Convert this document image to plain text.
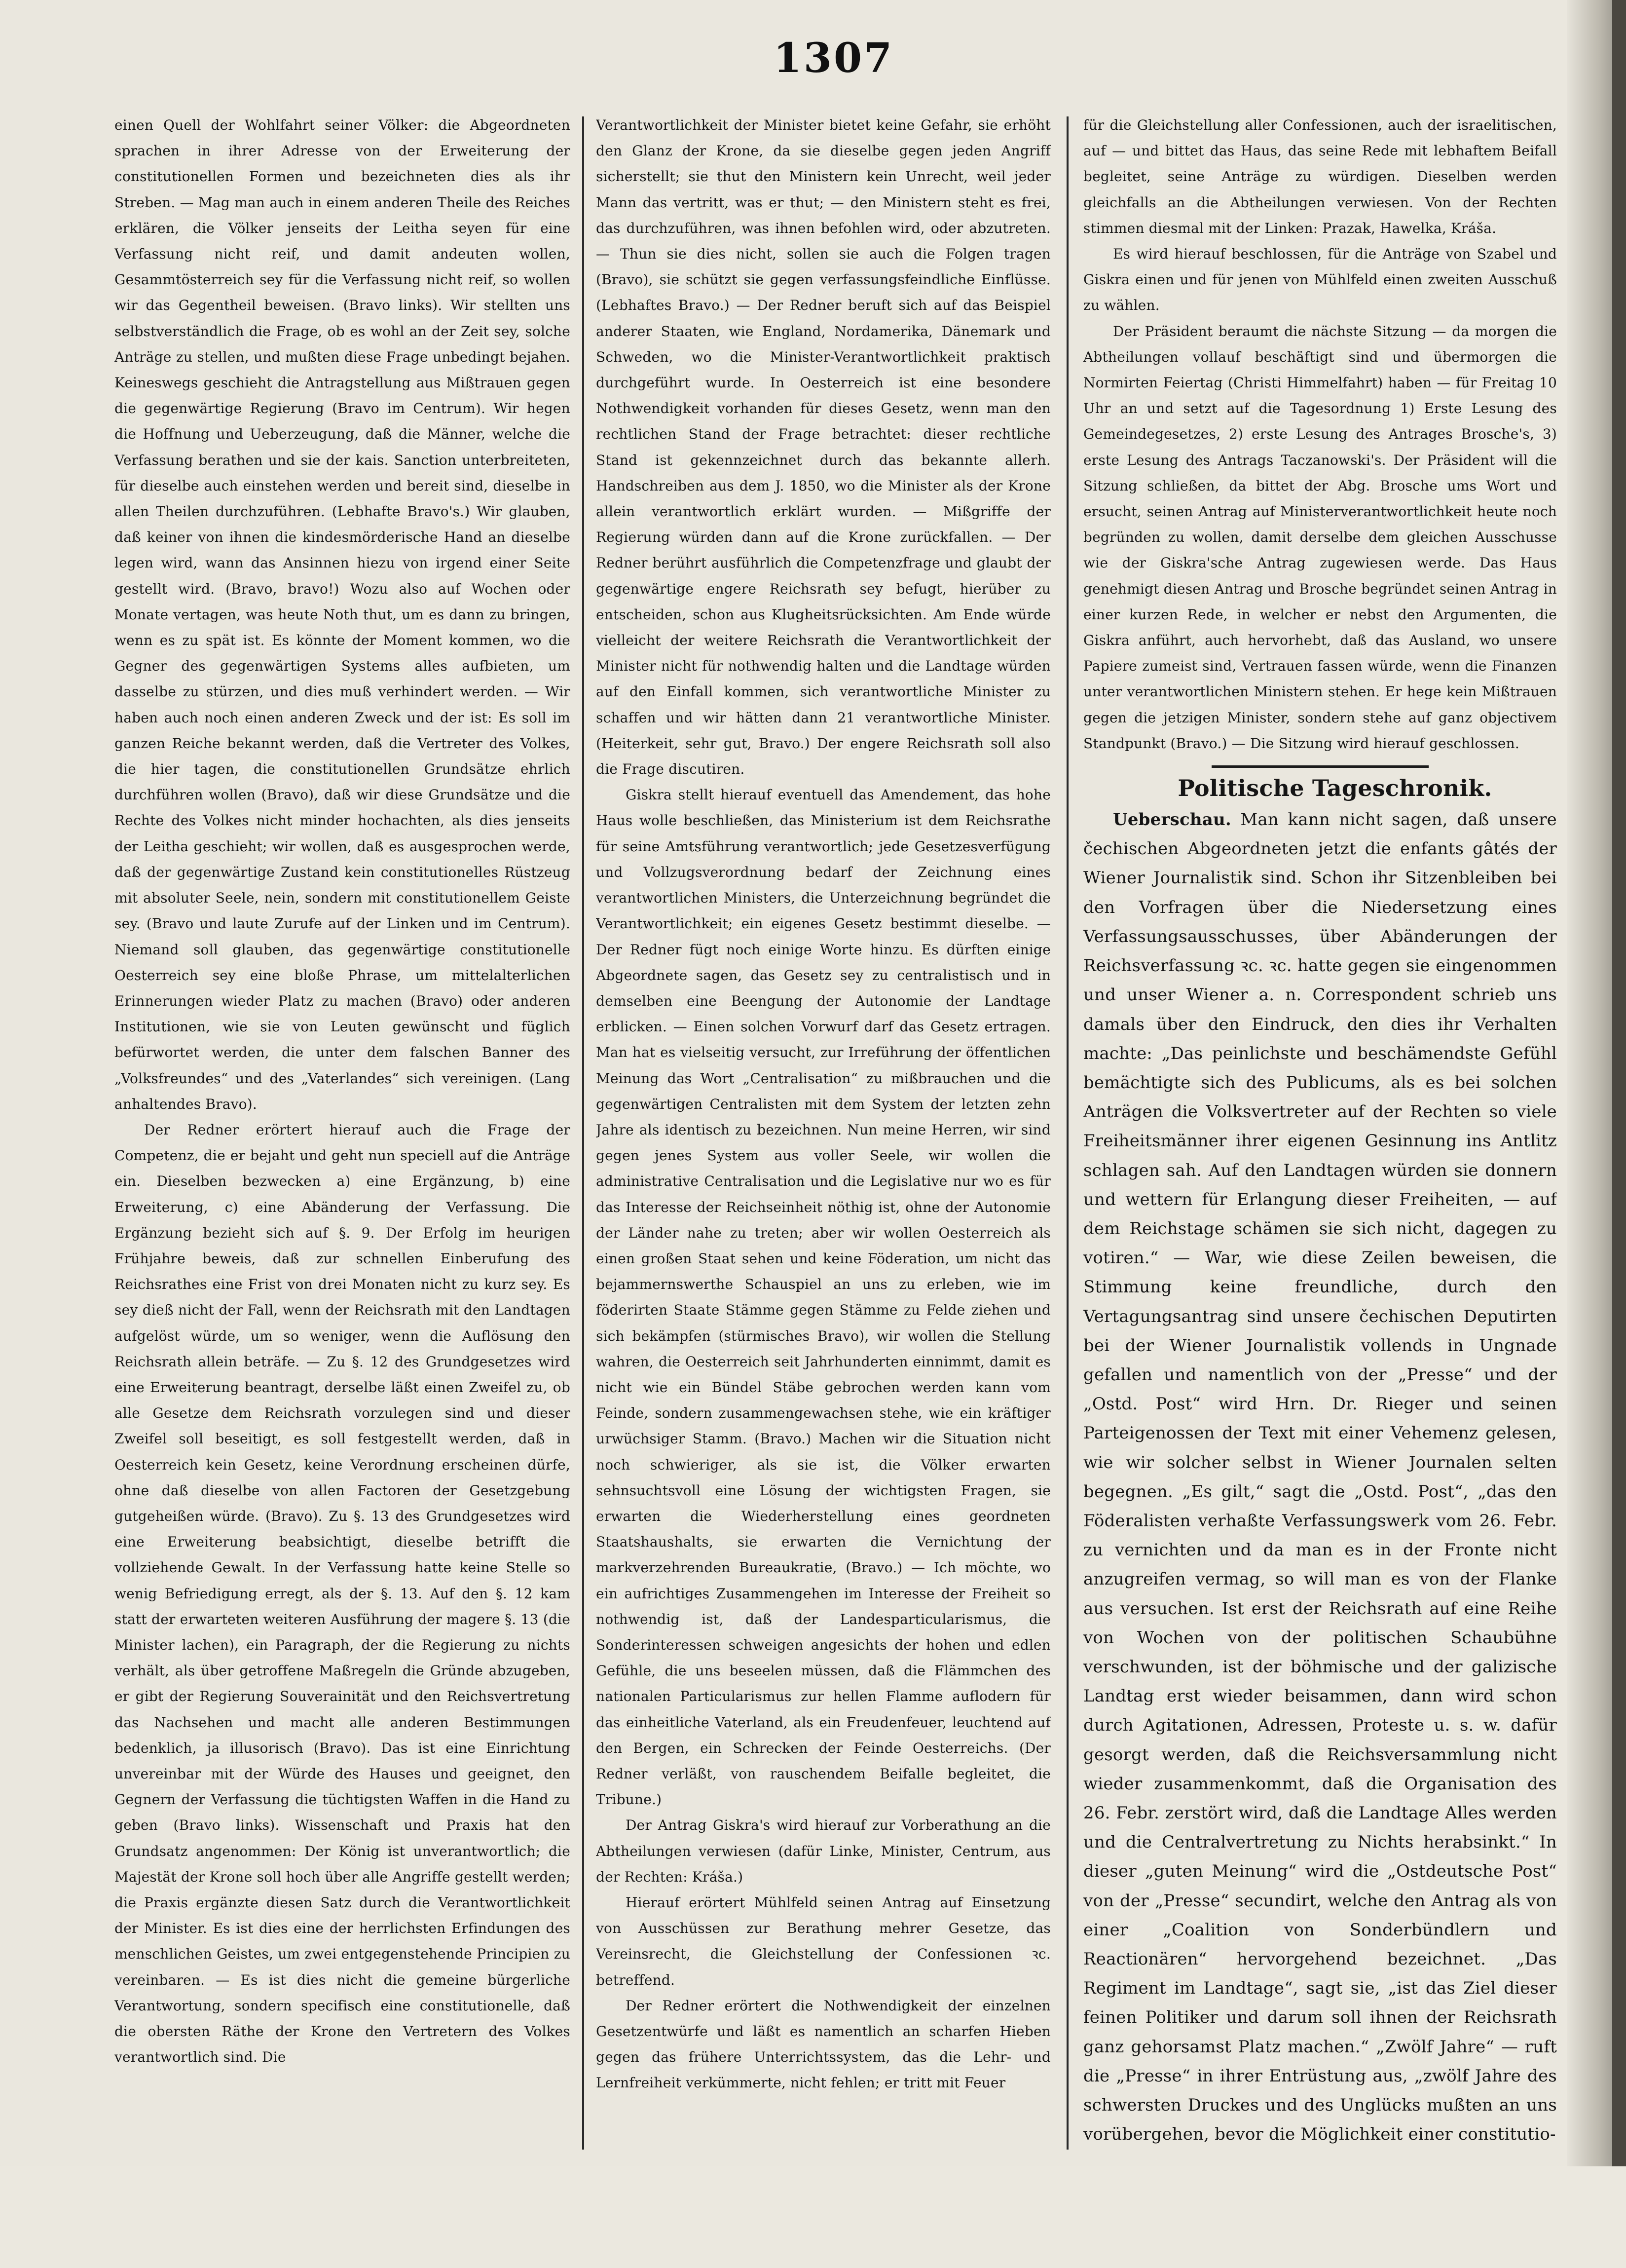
1307

einen Quell der Wohlfahrt seiner Völker: die Abgeordneten sprachen in ihrer Adresse von der Erweiterung der constitutionellen Formen und bezeichneten dies als ihr Streben. — Mag man auch in einem anderen Theile des Reiches erklären, die Völker jenseits der Leitha seyen für eine Verfassung nicht reif, und damit andeuten wollen, Gesammtösterreich sey für die Verfassung nicht reif, so wollen wir das Gegentheil beweisen. (Bravo links). Wir stellten uns selbstverständlich die Frage, ob es wohl an der Zeit sey, solche Anträge zu stellen, und mußten diese Frage unbedingt bejahen. Keineswegs geschieht die Antragstellung aus Mißtrauen gegen die gegenwärtige Regierung (Bravo im Centrum). Wir hegen die Hoffnung und Ueberzeugung, daß die Männer, welche die Verfassung berathen und sie der kais. Sanction unterbreiteten, für dieselbe auch einstehen werden und bereit sind, dieselbe in allen Theilen durchzuführen. (Lebhafte Bravo's.) Wir glauben, daß keiner von ihnen die kindesmörderische Hand an dieselbe legen wird, wann das Ansinnen hiezu von irgend einer Seite gestellt wird. (Bravo, bravo!) Wozu also auf Wochen oder Monate vertagen, was heute Noth thut, um es dann zu bringen, wenn es zu spät ist. Es könnte der Moment kommen, wo die Gegner des gegenwärtigen Systems alles aufbieten, um dasselbe zu stürzen, und dies muß verhindert werden. — Wir haben auch noch einen anderen Zweck und der ist: Es soll im ganzen Reiche bekannt werden, daß die Vertreter des Volkes, die hier tagen, die constitutionellen Grundsätze ehrlich durchführen wollen (Bravo), daß wir diese Grundsätze und die Rechte des Volkes nicht minder hochachten, als dies jenseits der Leitha geschieht; wir wollen, daß es ausgesprochen werde, daß der gegenwärtige Zustand kein constitutionelles Rüstzeug mit absoluter Seele, nein, sondern mit constitutionellem Geiste sey. (Bravo und laute Zurufe auf der Linken und im Centrum). Niemand soll glauben, das gegenwärtige constitutionelle Oesterreich sey eine bloße Phrase, um mittelalterlichen Erinnerungen wieder Platz zu machen (Bravo) oder anderen Institutionen, wie sie von Leuten gewünscht und füglich befürwortet werden, die unter dem falschen Banner des „Volksfreundes“ und des „Vaterlandes“ sich vereinigen. (Lang anhaltendes Bravo).

Der Redner erörtert hierauf auch die Frage der Competenz, die er bejaht und geht nun speciell auf die Anträge ein. Dieselben bezwecken a) eine Ergänzung, b) eine Erweiterung, c) eine Abänderung der Verfassung. Die Ergänzung bezieht sich auf §. 9. Der Erfolg im heurigen Frühjahre beweis, daß zur schnellen Einberufung des Reichsrathes eine Frist von drei Monaten nicht zu kurz sey. Es sey dieß nicht der Fall, wenn der Reichsrath mit den Landtagen aufgelöst würde, um so weniger, wenn die Auflösung den Reichsrath allein beträfe. — Zu §. 12 des Grundgesetzes wird eine Erweiterung beantragt, derselbe läßt einen Zweifel zu, ob alle Gesetze dem Reichsrath vorzulegen sind und dieser Zweifel soll beseitigt, es soll festgestellt werden, daß in Oesterreich kein Gesetz, keine Verordnung erscheinen dürfe, ohne daß dieselbe von allen Factoren der Gesetzgebung gutgeheißen würde. (Bravo). Zu §. 13 des Grundgesetzes wird eine Erweiterung beabsichtigt, dieselbe betrifft die vollziehende Gewalt. In der Verfassung hatte keine Stelle so wenig Befriedigung erregt, als der §. 13. Auf den §. 12 kam statt der erwarteten weiteren Ausführung der magere §. 13 (die Minister lachen), ein Paragraph, der die Regierung zu nichts verhält, als über getroffene Maßregeln die Gründe abzugeben, er gibt der Regierung Souverainität und den Reichsvertretung das Nachsehen und macht alle anderen Bestimmungen bedenklich, ja illusorisch (Bravo). Das ist eine Einrichtung unvereinbar mit der Würde des Hauses und geeignet, den Gegnern der Verfassung die tüchtigsten Waffen in die Hand zu geben (Bravo links). Wissenschaft und Praxis hat den Grundsatz angenommen: Der König ist unverantwortlich; die Majestät der Krone soll hoch über alle Angriffe gestellt werden; die Praxis ergänzte diesen Satz durch die Verantwortlichkeit der Minister. Es ist dies eine der herrlichsten Erfindungen des menschlichen Geistes, um zwei entgegenstehende Principien zu vereinbaren. — Es ist dies nicht die gemeine bürgerliche Verantwortung, sondern specifisch eine constitutionelle, daß die obersten Räthe der Krone den Vertretern des Volkes verantwortlich sind. Die

Verantwortlichkeit der Minister bietet keine Gefahr, sie erhöht den Glanz der Krone, da sie dieselbe gegen jeden Angriff sicherstellt; sie thut den Ministern kein Unrecht, weil jeder Mann das vertritt, was er thut; — den Ministern steht es frei, das durchzuführen, was ihnen befohlen wird, oder abzutreten. — Thun sie dies nicht, sollen sie auch die Folgen tragen (Bravo), sie schützt sie gegen verfassungsfeindliche Einflüsse. (Lebhaftes Bravo.) — Der Redner beruft sich auf das Beispiel anderer Staaten, wie England, Nordamerika, Dänemark und Schweden, wo die Minister-Verantwortlichkeit praktisch durchgeführt wurde. In Oesterreich ist eine besondere Nothwendigkeit vorhanden für dieses Gesetz, wenn man den rechtlichen Stand der Frage betrachtet: dieser rechtliche Stand ist gekennzeichnet durch das bekannte allerh. Handschreiben aus dem J. 1850, wo die Minister als der Krone allein verantwortlich erklärt wurden. — Mißgriffe der Regierung würden dann auf die Krone zurückfallen. — Der Redner berührt ausführlich die Competenzfrage und glaubt der gegenwärtige engere Reichsrath sey befugt, hierüber zu entscheiden, schon aus Klugheitsrücksichten. Am Ende würde vielleicht der weitere Reichsrath die Verantwortlichkeit der Minister nicht für nothwendig halten und die Landtage würden auf den Einfall kommen, sich verantwortliche Minister zu schaffen und wir hätten dann 21 verantwortliche Minister. (Heiterkeit, sehr gut, Bravo.) Der engere Reichsrath soll also die Frage discutiren.

Giskra stellt hierauf eventuell das Amendement, das hohe Haus wolle beschließen, das Ministerium ist dem Reichsrathe für seine Amtsführung verantwortlich; jede Gesetzesverfügung und Vollzugsverordnung bedarf der Zeichnung eines verantwortlichen Ministers, die Unterzeichnung begründet die Verantwortlichkeit; ein eigenes Gesetz bestimmt dieselbe. — Der Redner fügt noch einige Worte hinzu. Es dürften einige Abgeordnete sagen, das Gesetz sey zu centralistisch und in demselben eine Beengung der Autonomie der Landtage erblicken. — Einen solchen Vorwurf darf das Gesetz ertragen. Man hat es vielseitig versucht, zur Irreführung der öffentlichen Meinung das Wort „Centralisation“ zu mißbrauchen und die gegenwärtigen Centralisten mit dem System der letzten zehn Jahre als identisch zu bezeichnen. Nun meine Herren, wir sind gegen jenes System aus voller Seele, wir wollen die administrative Centralisation und die Legislative nur wo es für das Interesse der Reichseinheit nöthig ist, ohne der Autonomie der Länder nahe zu treten; aber wir wollen Oesterreich als einen großen Staat sehen und keine Föderation, um nicht das bejammernswerthe Schauspiel an uns zu erleben, wie im föderirten Staate Stämme gegen Stämme zu Felde ziehen und sich bekämpfen (stürmisches Bravo), wir wollen die Stellung wahren, die Oesterreich seit Jahrhunderten einnimmt, damit es nicht wie ein Bündel Stäbe gebrochen werden kann vom Feinde, sondern zusammengewachsen stehe, wie ein kräftiger urwüchsiger Stamm. (Bravo.) Machen wir die Situation nicht noch schwieriger, als sie ist, die Völker erwarten sehnsuchtsvoll eine Lösung der wichtigsten Fragen, sie erwarten die Wiederherstellung eines geordneten Staatshaushalts, sie erwarten die Vernichtung der markverzehrenden Bureaukratie, (Bravo.) — Ich möchte, wo ein aufrichtiges Zusammengehen im Interesse der Freiheit so nothwendig ist, daß der Landesparticularismus, die Sonderinteressen schweigen angesichts der hohen und edlen Gefühle, die uns beseelen müssen, daß die Flämmchen des nationalen Particularismus zur hellen Flamme auflodern für das einheitliche Vaterland, als ein Freudenfeuer, leuchtend auf den Bergen, ein Schrecken der Feinde Oesterreichs. (Der Redner verläßt, von rauschendem Beifalle begleitet, die Tribune.)

Der Antrag Giskra's wird hierauf zur Vorberathung an die Abtheilungen verwiesen (dafür Linke, Minister, Centrum, aus der Rechten: Kráša.)

Hierauf erörtert Mühlfeld seinen Antrag auf Einsetzung von Ausschüssen zur Berathung mehrer Gesetze, das Vereinsrecht, die Gleichstellung der Confessionen ꝛc. betreffend.

Der Redner erörtert die Nothwendigkeit der einzelnen Gesetzentwürfe und läßt es namentlich an scharfen Hieben gegen das frühere Unterrichtssystem, das die Lehr- und Lernfreiheit verkümmerte, nicht fehlen; er tritt mit Feuer

für die Gleichstellung aller Confessionen, auch der israelitischen, auf — und bittet das Haus, das seine Rede mit lebhaftem Beifall begleitet, seine Anträge zu würdigen. Dieselben werden gleichfalls an die Abtheilungen verwiesen. Von der Rechten stimmen diesmal mit der Linken: Prazak, Hawelka, Kráša.

Es wird hierauf beschlossen, für die Anträge von Szabel und Giskra einen und für jenen von Mühlfeld einen zweiten Ausschuß zu wählen.

Der Präsident beraumt die nächste Sitzung — da morgen die Abtheilungen vollauf beschäftigt sind und übermorgen die Normirten Feiertag (Christi Himmelfahrt) haben — für Freitag 10 Uhr an und setzt auf die Tagesordnung 1) Erste Lesung des Gemeindegesetzes, 2) erste Lesung des Antrages Brosche's, 3) erste Lesung des Antrags Taczanowski's. Der Präsident will die Sitzung schließen, da bittet der Abg. Brosche ums Wort und ersucht, seinen Antrag auf Ministerverantwortlichkeit heute noch begründen zu wollen, damit derselbe dem gleichen Ausschusse wie der Giskra'sche Antrag zugewiesen werde. Das Haus genehmigt diesen Antrag und Brosche begründet seinen Antrag in einer kurzen Rede, in welcher er nebst den Argumenten, die Giskra anführt, auch hervorhebt, daß das Ausland, wo unsere Papiere zumeist sind, Vertrauen fassen würde, wenn die Finanzen unter verantwortlichen Ministern stehen. Er hege kein Mißtrauen gegen die jetzigen Minister, sondern stehe auf ganz objectivem Standpunkt (Bravo.) — Die Sitzung wird hierauf geschlossen.

Politische Tageschronik.

Ueberschau. Man kann nicht sagen, daß unsere čechischen Abgeordneten jetzt die enfants gâtés der Wiener Journalistik sind. Schon ihr Sitzenbleiben bei den Vorfragen über die Niedersetzung eines Verfassungsausschusses, über Abänderungen der Reichsverfassung ꝛc. ꝛc. hatte gegen sie eingenommen und unser Wiener a. n. Correspondent schrieb uns damals über den Eindruck, den dies ihr Verhalten machte: „Das peinlichste und beschämendste Gefühl bemächtigte sich des Publicums, als es bei solchen Anträgen die Volksvertreter auf der Rechten so viele Freiheitsmänner ihrer eigenen Gesinnung ins Antlitz schlagen sah. Auf den Landtagen würden sie donnern und wettern für Erlangung dieser Freiheiten, — auf dem Reichstage schämen sie sich nicht, dagegen zu votiren.“ — War, wie diese Zeilen beweisen, die Stimmung keine freundliche, durch den Vertagungsantrag sind unsere čechischen Deputirten bei der Wiener Journalistik vollends in Ungnade gefallen und namentlich von der „Presse“ und der „Ostd. Post“ wird Hrn. Dr. Rieger und seinen Parteigenossen der Text mit einer Vehemenz gelesen, wie wir solcher selbst in Wiener Journalen selten begegnen. „Es gilt,“ sagt die „Ostd. Post“, „das den Föderalisten verhaßte Verfassungswerk vom 26. Febr. zu vernichten und da man es in der Fronte nicht anzugreifen vermag, so will man es von der Flanke aus versuchen. Ist erst der Reichsrath auf eine Reihe von Wochen von der politischen Schaubühne verschwunden, ist der böhmische und der galizische Landtag erst wieder beisammen, dann wird schon durch Agitationen, Adressen, Proteste u. s. w. dafür gesorgt werden, daß die Reichsversammlung nicht wieder zusammenkommt, daß die Organisation des 26. Febr. zerstört wird, daß die Landtage Alles werden und die Centralvertretung zu Nichts herabsinkt.“ In dieser „guten Meinung“ wird die „Ostdeutsche Post“ von der „Presse“ secundirt, welche den Antrag als von einer „Coalition von Sonderbündlern und Reactionären“ hervorgehend bezeichnet. „Das Regiment im Landtage“, sagt sie, „ist das Ziel dieser feinen Politiker und darum soll ihnen der Reichsrath ganz gehorsamst Platz machen.“ „Zwölf Jahre“ — ruft die „Presse“ in ihrer Entrüstung aus, „zwölf Jahre des schwersten Druckes und des Unglücks mußten an uns vorübergehen, bevor die Möglichkeit einer constitutio-
